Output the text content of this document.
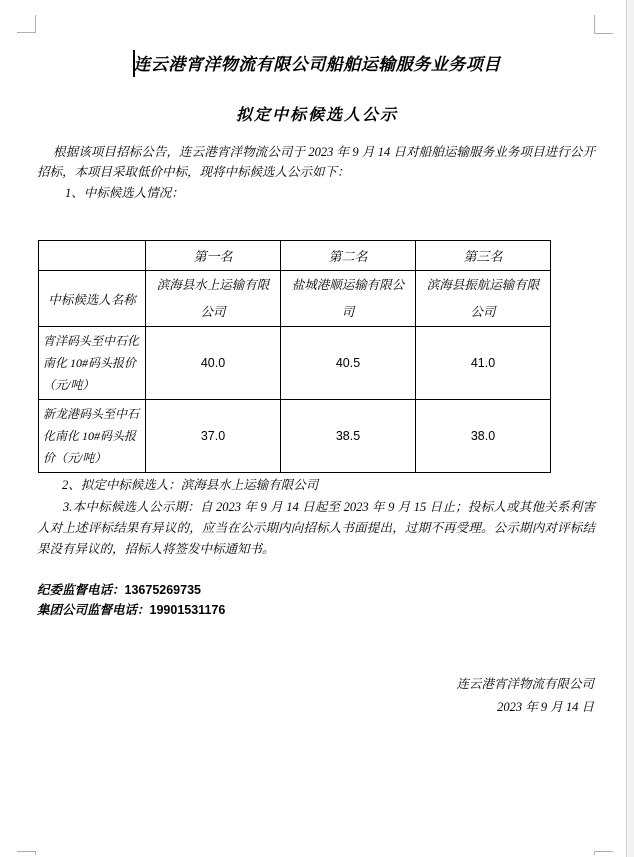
连云港宵洋物流有限公司船舶运输服务业务项目
拟定中标候选人公示

根据该项目招标公告，连云港宵洋物流公司于 2023 年 9 月 14 日对船舶运输服务业务项目进行公开招标，本项目采取低价中标，现将中标候选人公示如下：

1、中标候选人情况：

	第一名	第二名	第三名
中标候选人名称	滨海县水上运输有限公司	盐城港顺运输有限公司	滨海县振航运输有限公司
宵洋码头至中石化南化 10#码头报价（元/吨）	40.0	40.5	41.0
新龙港码头至中石化南化 10#码头报价（元/吨）	37.0	38.5	38.0

2、拟定中标候选人：滨海县水上运输有限公司

3.本中标候选人公示期：自 2023 年 9 月 14 日起至 2023 年 9 月 15 日止；投标人或其他关系利害人对上述评标结果有异议的，应当在公示期内向招标人书面提出，过期不再受理。公示期内对评标结果没有异议的，招标人将签发中标通知书。

纪委监督电话：13675269735
集团公司监督电话：19901531176
连云港宵洋物流有限公司
2023 年 9 月 14 日
